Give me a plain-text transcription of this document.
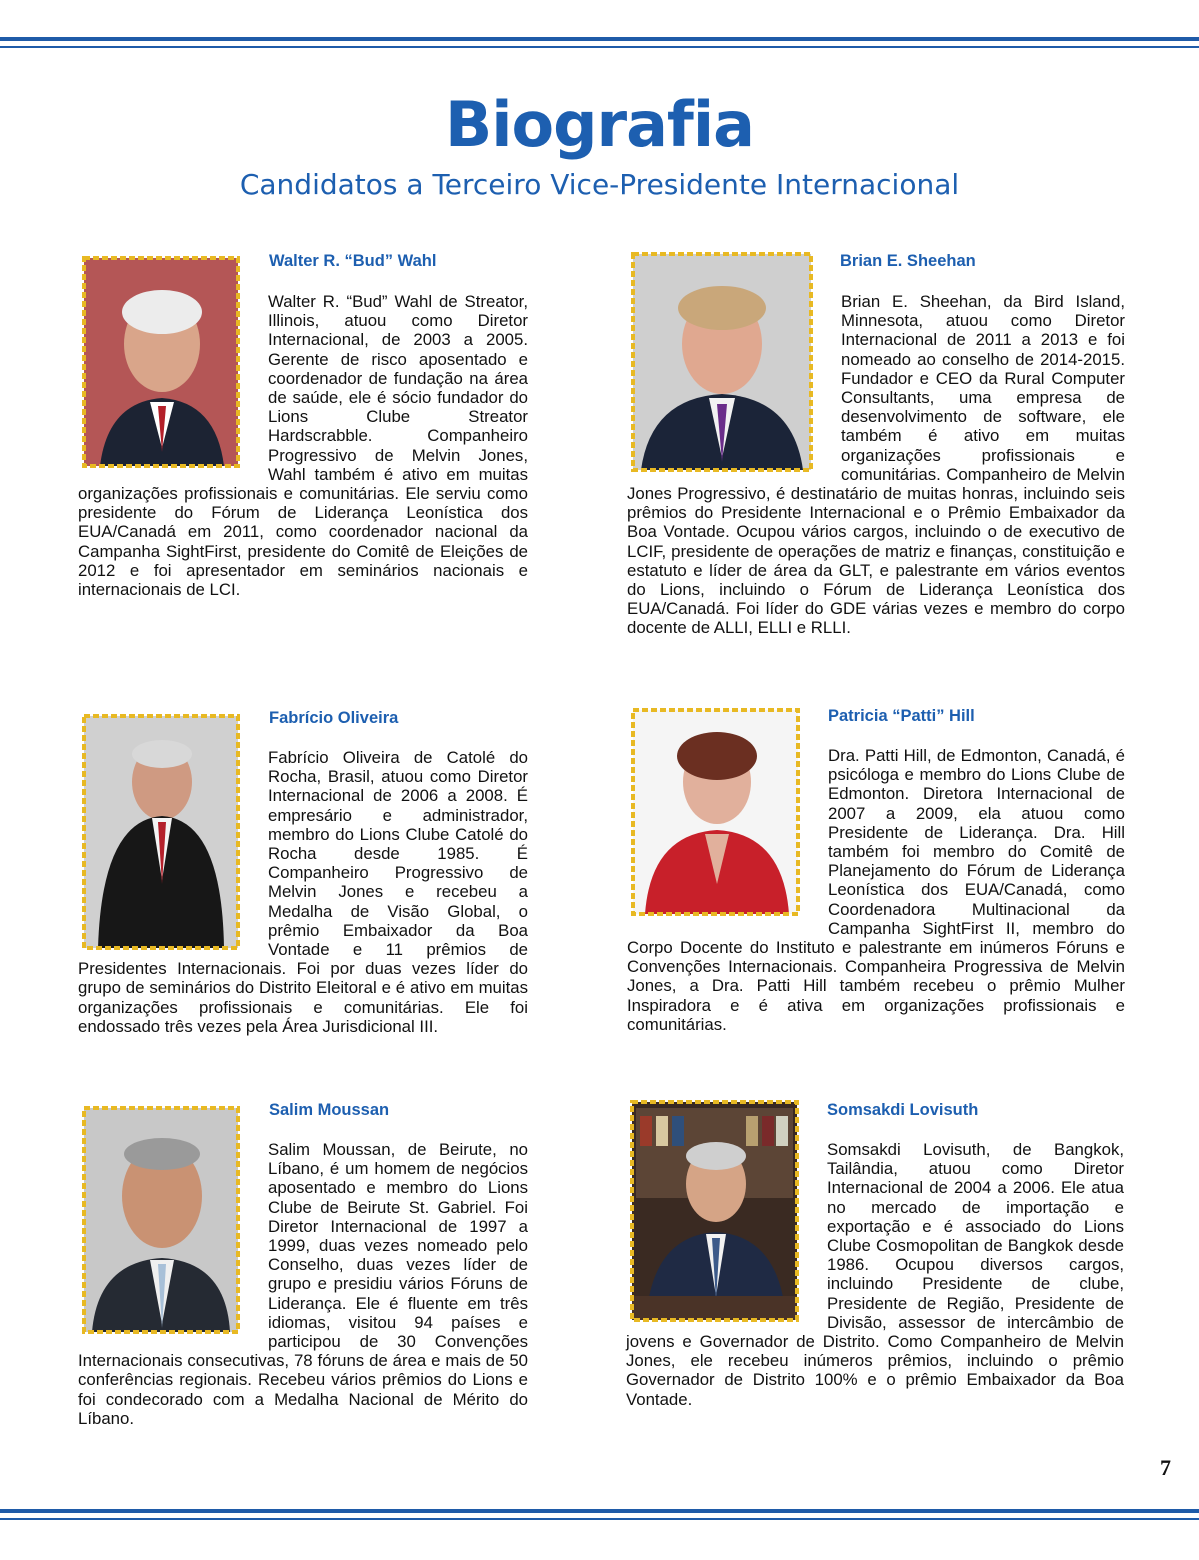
Biografia
Candidatos a Terceiro Vice-Presidente Internacional
Walter R. “Bud” Wahl
Walter R. “Bud” Wahl de Streator, Illinois, atuou como Diretor Internacional, de 2003 a 2005. Gerente de risco aposentado e coordenador de fundação na área de saúde, ele é sócio fundador do Lions Clube Streator Hardscrabble. Companheiro Progressivo de Melvin Jones, Wahl também é ativo em muitas organizações profissionais e comunitárias. Ele serviu como presidente do Fórum de Liderança Leonística dos EUA/Canadá em 2011, como coordenador nacional da Campanha SightFirst, presidente do Comitê de Eleições de 2012 e foi apresentador em seminários nacionais e internacionais de LCI.
Brian E. Sheehan
Brian E. Sheehan, da Bird Island, Minnesota, atuou como Diretor Internacional de 2011 a 2013 e foi nomeado ao conselho de 2014-2015. Fundador e CEO da Rural Computer Consultants, uma empresa de desenvolvimento de software, ele também é ativo em muitas organizações profissionais e comunitárias. Companheiro de Melvin Jones Progressivo, é destinatário de muitas honras, incluindo seis prêmios do Presidente Internacional e o Prêmio Embaixador da Boa Vontade. Ocupou vários cargos, incluindo o de executivo de LCIF, presidente de operações de matriz e finanças, constituição e estatuto e líder de área da GLT, e palestrante em vários eventos do Lions, incluindo o Fórum de Liderança Leonística dos EUA/Canadá. Foi líder do GDE várias vezes e membro do corpo docente de ALLI, ELLI e RLLI.
Fabrício Oliveira
Fabrício Oliveira de Catolé do Rocha, Brasil, atuou como Diretor Internacional de 2006 a 2008. É empresário e administrador, membro do Lions Clube Catolé do Rocha desde 1985. É Companheiro Progressivo de Melvin Jones e recebeu a Medalha de Visão Global, o prêmio Embaixador da Boa Vontade e 11 prêmios de Presidentes Internacionais. Foi por duas vezes líder do grupo de seminários do Distrito Eleitoral e é ativo em muitas organizações profissionais e comunitárias. Ele foi endossado três vezes pela Área Jurisdicional III.
Patricia “Patti” Hill
Dra. Patti Hill, de Edmonton, Canadá, é psicóloga e membro do Lions Clube de Edmonton. Diretora Internacional de 2007 a 2009, ela atuou como Presidente de Liderança. Dra. Hill também foi membro do Comitê de Planejamento do Fórum de Liderança Leonística dos EUA/Canadá, como Coordenadora Multinacional da Campanha SightFirst II, membro do Corpo Docente do Instituto e palestrante em inúmeros Fóruns e Convenções Internacionais. Companheira Progressiva de Melvin Jones, a Dra. Patti Hill também recebeu o prêmio Mulher Inspiradora e é ativa em organizações profissionais e comunitárias.
Salim Moussan
Salim Moussan, de Beirute, no Líbano, é um homem de negócios aposentado e membro do Lions Clube de Beirute St. Gabriel. Foi Diretor Internacional de 1997 a 1999, duas vezes nomeado pelo Conselho, duas vezes líder de grupo e presidiu vários Fóruns de Liderança. Ele é fluente em três idiomas, visitou 94 países e participou de 30 Convenções Internacionais consecutivas, 78 fóruns de área e mais de 50 conferências regionais. Recebeu vários prêmios do Lions e foi condecorado com a Medalha Nacional de Mérito do Líbano.
Somsakdi Lovisuth
Somsakdi Lovisuth, de Bangkok, Tailândia, atuou como Diretor Internacional de 2004 a 2006. Ele atua no mercado de importação e exportação e é associado do Lions Clube Cosmopolitan de Bangkok desde 1986. Ocupou diversos cargos, incluindo Presidente de clube, Presidente de Região, Presidente de Divisão, assessor de intercâmbio de jovens e Governador de Distrito. Como Companheiro de Melvin Jones, ele recebeu inúmeros prêmios, incluindo o prêmio Governador de Distrito 100% e o prêmio Embaixador da Boa Vontade.
7
